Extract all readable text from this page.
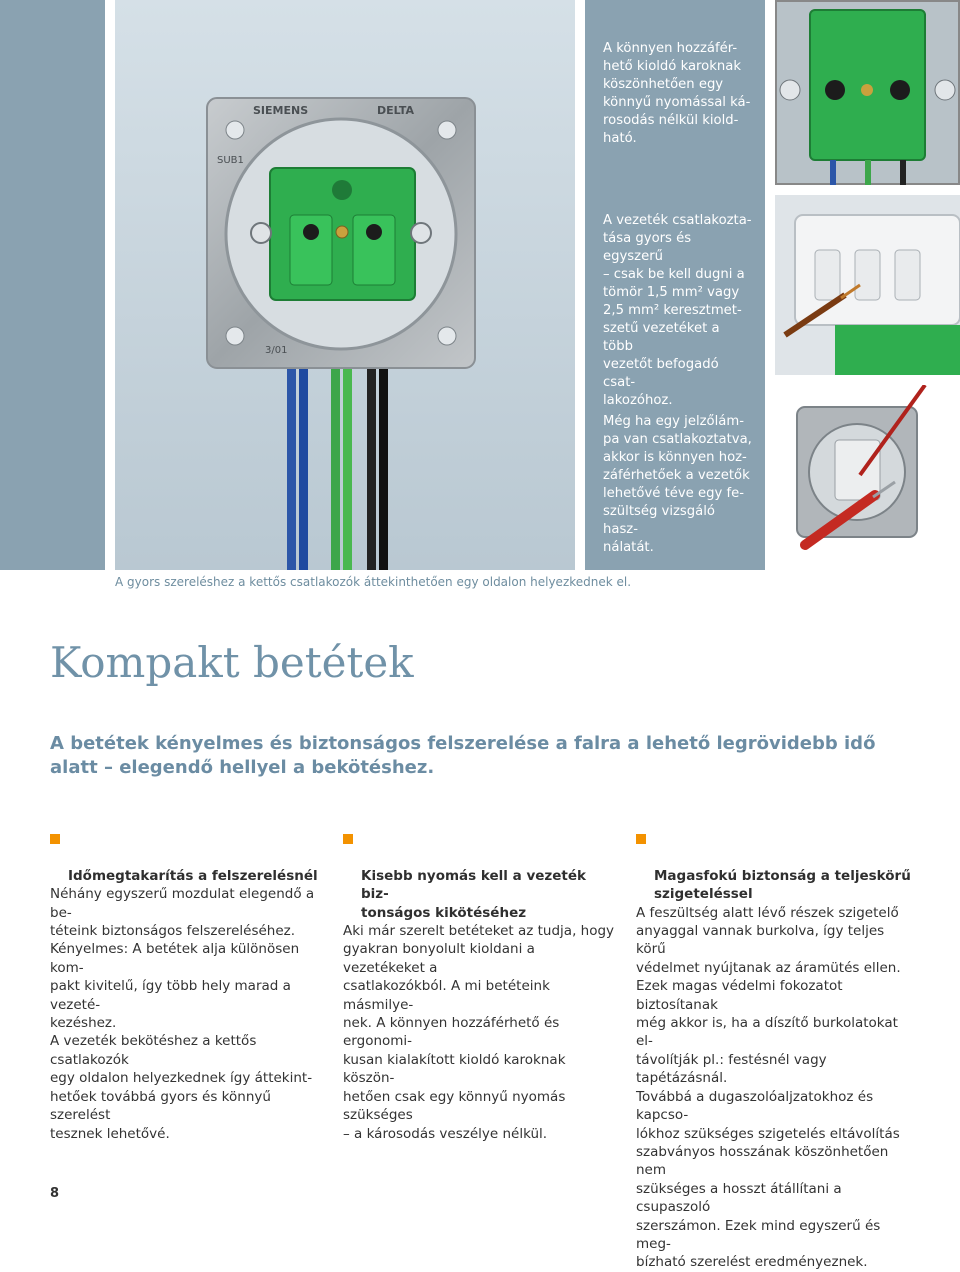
SIEMENS	DELTA
SUB1
3/01
A könnyen hozzáfér-
hető kioldó karoknak
köszönhetően egy
könnyű nyomással ká-
rosodás nélkül kiold-
ható.
A vezeték csatlakozta-
tása gyors és egyszerű
– csak be kell dugni a
tömör 1,5 mm² vagy
2,5 mm² keresztmet-
szetű vezetéket a több
vezetőt befogadó csat-
lakozóhoz.
Még ha egy jelzőlám-
pa van csatlakoztatva,
akkor is könnyen hoz-
záférhetőek a vezetők
lehetővé téve egy fe-
szültség vizsgáló hasz-
nálatát.
A gyors szereléshez a kettős csatlakozók áttekinthetően egy oldalon helyezkednek el.
Kompakt betétek
A betétek kényelmes és biztonságos felszerelése a falra a lehető legrövidebb idő alatt – elegendő hellyel a bekötéshez.

Időmegtakarítás a felszerelésnél

Néhány egyszerű mozdulat elegendő a be-
téteink biztonságos felszereléséhez.
Kényelmes: A betétek alja különösen kom-
pakt kivitelű, így több hely marad a vezeté-
kezéshez.
A vezeték bekötéshez a kettős csatlakozók
egy oldalon helyezkednek így áttekint-
hetőek továbbá gyors és könnyű szerelést
tesznek lehetővé.

Kisebb nyomás kell a vezeték biz-
tonságos kikötéséhez

Aki már szerelt betéteket az tudja, hogy
gyakran bonyolult kioldani a vezetékeket a
csatlakozókból. A mi betéteink másmilye-
nek. A könnyen hozzáférhető és ergonomi-
kusan kialakított kioldó karoknak köszön-
hetően csak egy könnyű nyomás szükséges
– a károsodás veszélye nélkül.

Magasfokú biztonság a teljeskörű
szigeteléssel

A feszültség alatt lévő részek szigetelő
anyaggal vannak burkolva, így teljes körű
védelmet nyújtanak az áramütés ellen.
Ezek magas védelmi fokozatot biztosítanak
még akkor is, ha a díszítő burkolatokat el-
távolítják pl.: festésnél vagy tapétázásnál.
Továbbá a dugaszolóaljzatokhoz és kapcso-
lókhoz szükséges szigetelés eltávolítás
szabványos hosszának köszönhetően nem
szükséges a hosszt átállítani a csupaszoló
szerszámon. Ezek mind egyszerű és meg-
bízható szerelést eredményeznek.
8
